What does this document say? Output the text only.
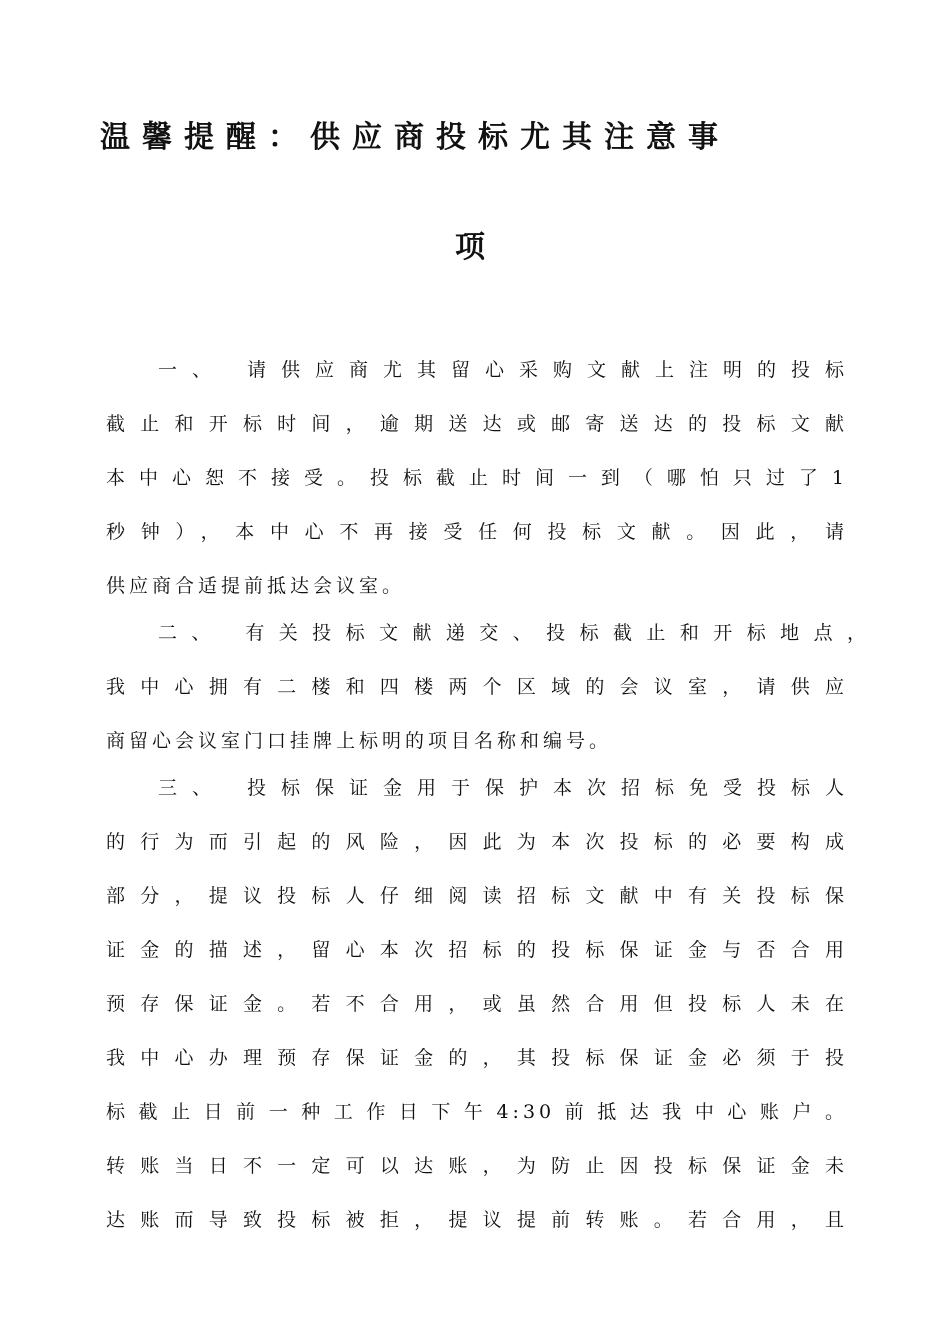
温馨提醒：供应商投标尤其注意事
项
一、 请供应商尤其留心采购文献上注明的投标
截止和开标时间，逾期送达或邮寄送达的投标文献
本中心恕不接受。投标截止时间一到（哪怕只过了1
秒钟），本中心不再接受任何投标文献。因此，请
供应商合适提前抵达会议室。
二、 有关投标文献递交、投标截止和开标地点，
我中心拥有二楼和四楼两个区域的会议室，请供应
商留心会议室门口挂牌上标明的项目名称和编号。
三、 投标保证金用于保护本次招标免受投标人
的行为而引起的风险，因此为本次投标的必要构成
部分，提议投标人仔细阅读招标文献中有关投标保
证金的描述，留心本次招标的投标保证金与否合用
预存保证金。若不合用，或虽然合用但投标人未在
我中心办理预存保证金的，其投标保证金必须于投
标截止日前一种工作日下午4:30前抵达我中心账户。
转账当日不一定可以达账，为防止因投标保证金未
达账而导致投标被拒，提议提前转账。若合用，且
